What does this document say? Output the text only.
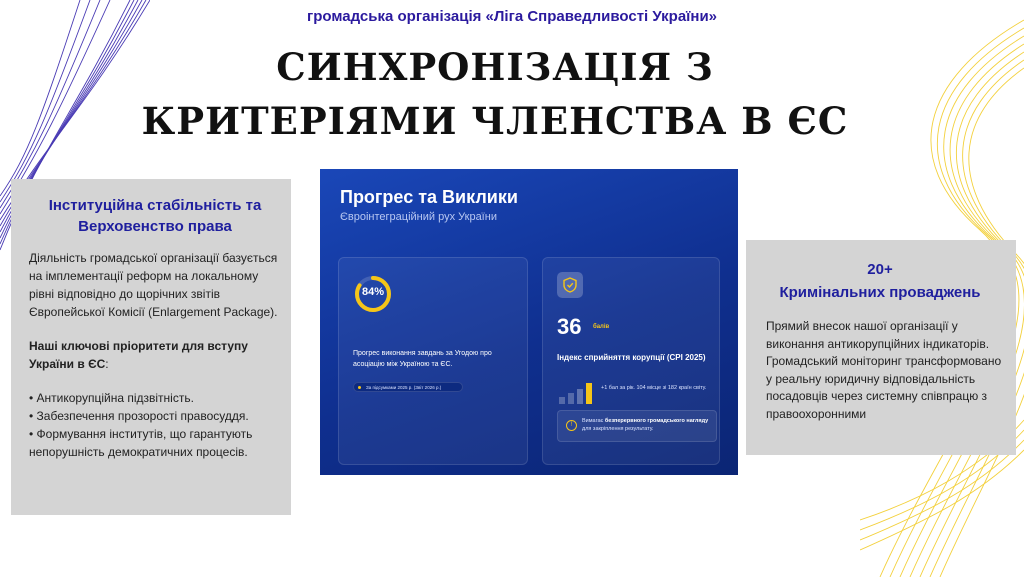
громадська організація «Ліга Справедливості України»
СИНХРОНІЗАЦІЯ З
КРИТЕРІЯМИ ЧЛЕНСТВА В ЄС
Інституційна стабільність та Верховенство права

Діяльність громадської організації базується на імплементації реформ на локальному рівні відповідно до щорічних звітів Європейської Комісії (Enlargement Package).

Наші ключові пріоритети для вступу України в ЄС:

• Антикорупційна підзвітність.
• Забезпечення прозорості правосуддя.
• Формування інститутів, що гарантують непорушність демократичних процесів.
Прогрес та Виклики
Євроінтеграційний рух України
84%
Прогрес виконання завдань за Угодою про асоціацію між Україною та ЄС.
За підсумками 2025 р. (Звіт 2026 р.)
36 балів
Індекс сприйняття корупції (CPI 2025)
+1 бал за рік. 104 місце зі 182 країн світу.
!
Вимагає безперервного громадського нагляду для закріплення результату.
20+
Кримінальних проваджень

Прямий внесок нашої організації у виконання антикорупційних індикаторів. Громадський моніторинг трансформовано у реальну юридичну відповідальність посадовців через системну співпрацю з правоохоронними
